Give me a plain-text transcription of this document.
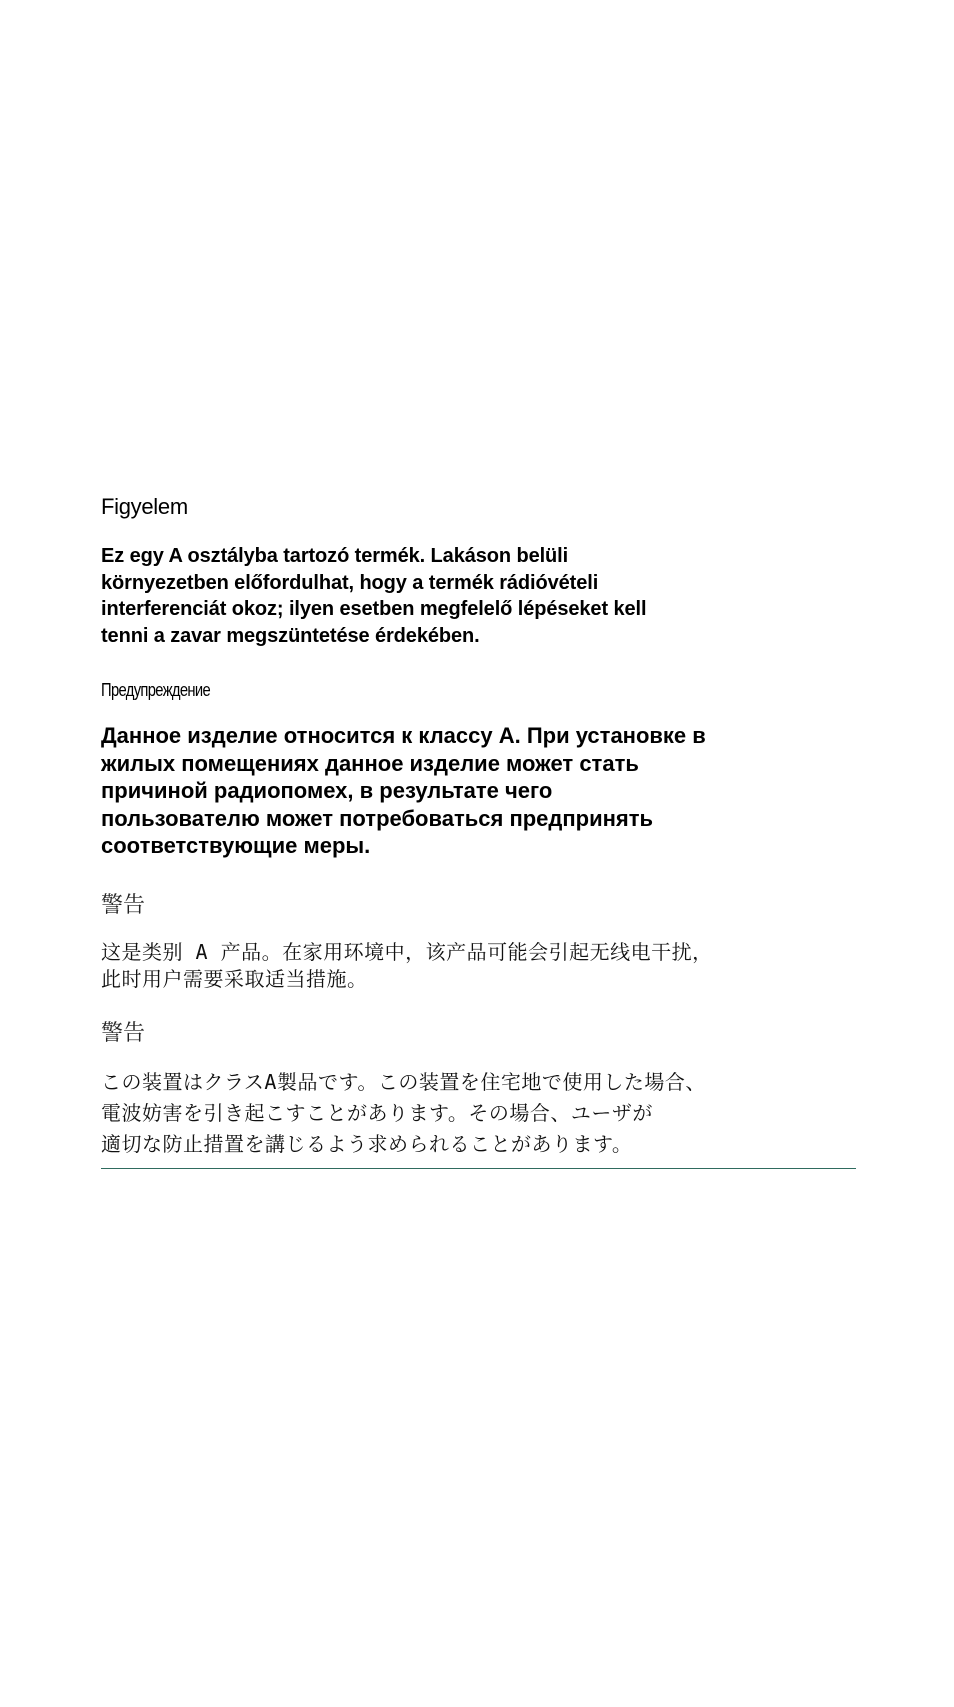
Figyelem

Ez egy A osztályba tartozó termék. Lakáson belüli
környezetben előfordulhat, hogy a termék rádióvételi
interferenciát okoz; ilyen esetben megfelelő lépéseket kell
tenni a zavar megszüntetése érdekében.

Предупреждение

Данное изделие относится к классу А. При установке в
жилых помещениях данное изделие может стать
причиной радиопомех, в результате чего
пользователю может потребоваться предпринять
соответствующие меры.

警告

这是类别 A 产品。在家用环境中，该产品可能会引起无线电干扰，
此时用户需要采取适当措施。

警告

この装置はクラスA製品です。この装置を住宅地で使用した場合、
電波妨害を引き起こすことがあります。その場合、ユーザが
適切な防止措置を講じるよう求められることがあります。
